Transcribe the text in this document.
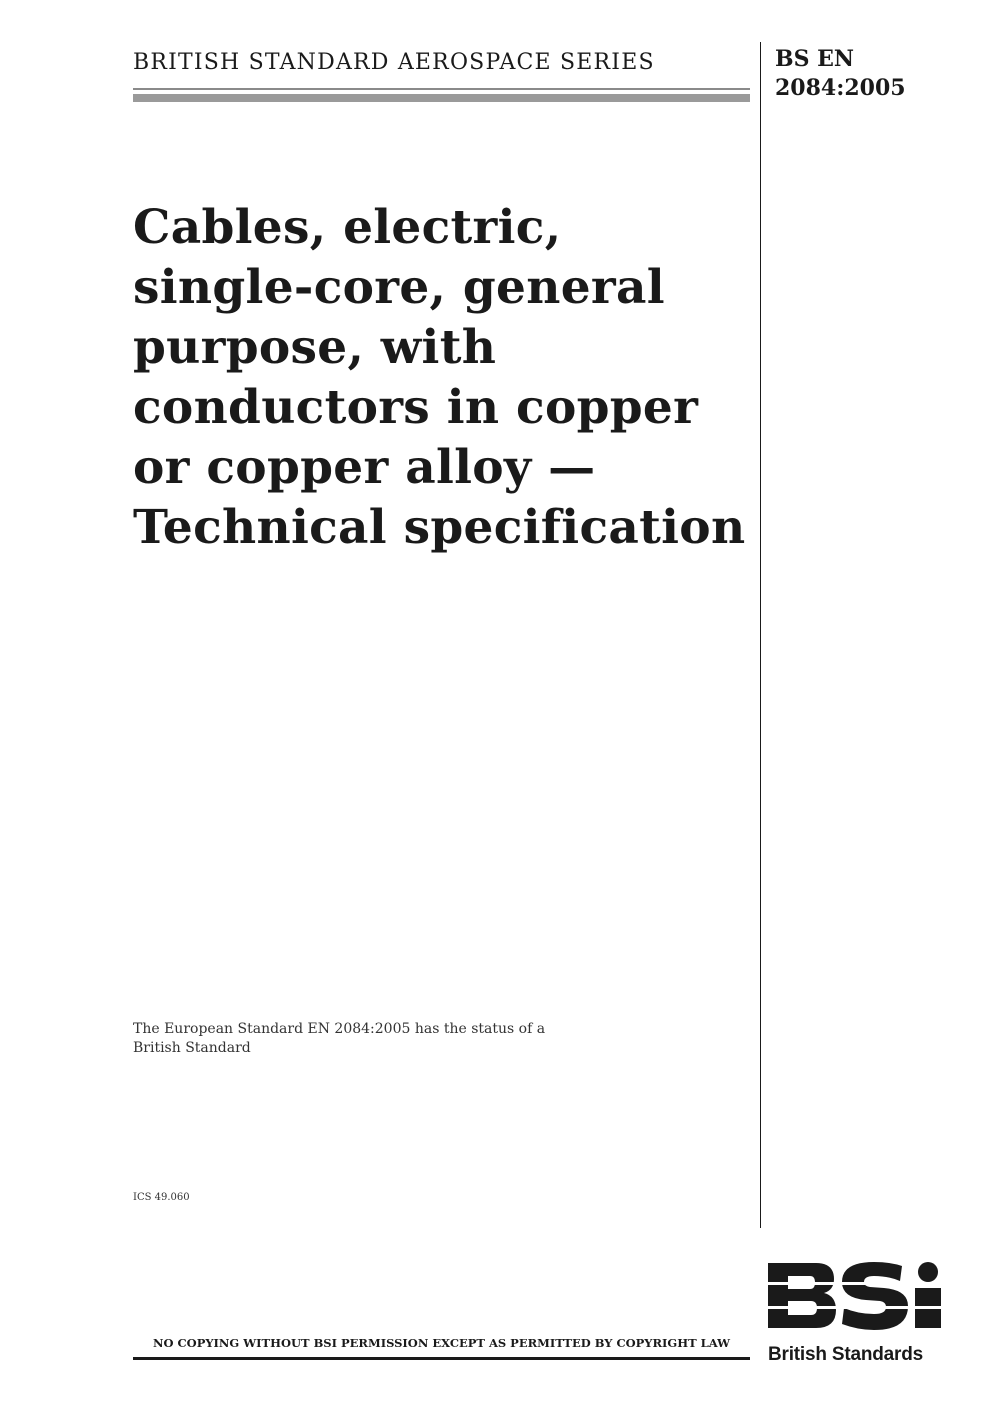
BRITISH STANDARD AEROSPACE SERIES	BS EN
2084:2005
Cables, electric,
single-core, general
purpose, with
conductors in copper
or copper alloy —
Technical specification
The European Standard EN 2084:2005 has the status of a
British Standard
ICS 49.060
NO COPYING WITHOUT BSI PERMISSION EXCEPT AS PERMITTED BY COPYRIGHT LAW
British Standards
